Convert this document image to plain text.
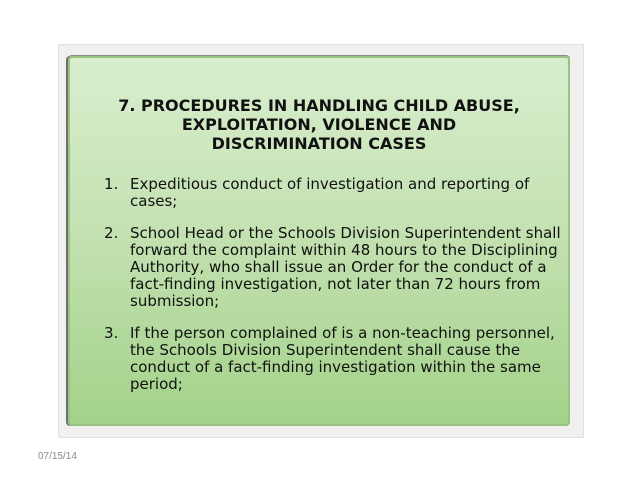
7. PROCEDURES IN HANDLING CHILD ABUSE,
EXPLOITATION, VIOLENCE AND
DISCRIMINATION CASES
1. Expeditious conduct of investigation and reporting of cases;
2. School Head or the Schools Division Superintendent shall forward the complaint within 48 hours to the Disciplining Authority, who shall issue an Order for the conduct of a fact-finding investigation, not later than 72 hours from submission;
3. If the person complained of is a non-teaching personnel, the Schools Division Superintendent shall cause the conduct of a fact-finding investigation within the same period;
07/15/14
